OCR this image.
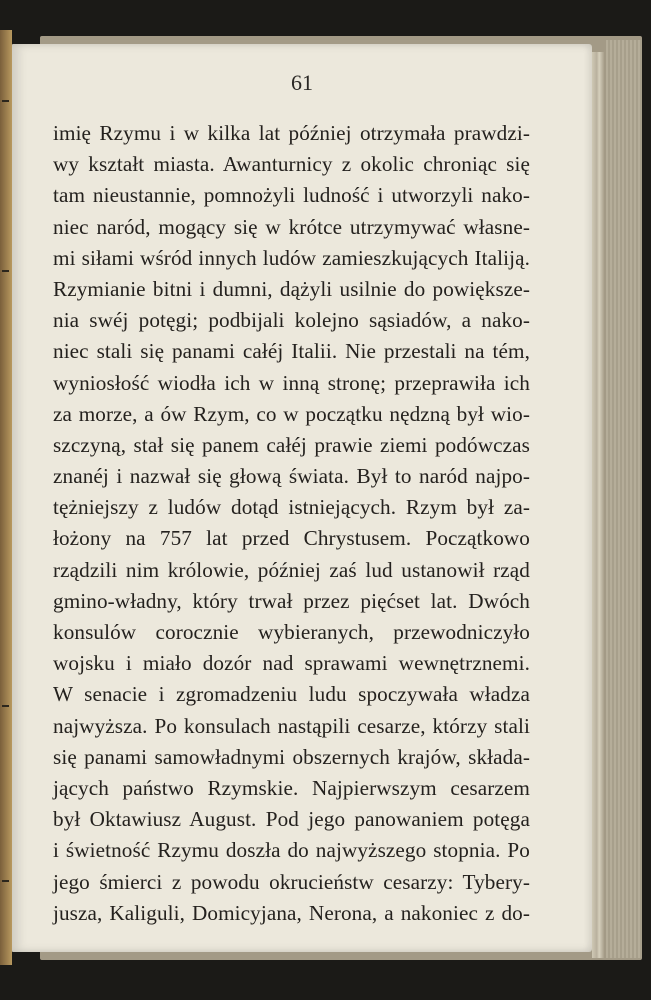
61
imię Rzymu i w kilka lat później otrzymała prawdzi-
wy kształt miasta. Awanturnicy z okolic chroniąc się
tam nieustannie, pomnożyli ludność i utworzyli nako-
niec naród, mogący się w krótce utrzymywać własne-
mi siłami wśród innych ludów zamieszkujących Italiją.
Rzymianie bitni i dumni, dążyli usilnie do powiększe-
nia swéj potęgi; podbijali kolejno sąsiadów, a nako-
niec stali się panami całéj Italii. Nie przestali na tém,
wyniosłość wiodła ich w inną stronę; przeprawiła ich
za morze, a ów Rzym, co w początku nędzną był wio-
szczyną, stał się panem całéj prawie ziemi podówczas
znanéj i nazwał się głową świata. Był to naród najpo-
tężniejszy z ludów dotąd istniejących. Rzym był za-
łożony na 757 lat przed Chrystusem. Początkowo
rządzili nim królowie, później zaś lud ustanowił rząd
gmino-władny, który trwał przez pięćset lat. Dwóch
konsulów corocznie wybieranych, przewodniczyło
wojsku i miało dozór nad sprawami wewnętrznemi.
W senacie i zgromadzeniu ludu spoczywała władza
najwyższa. Po konsulach nastąpili cesarze, którzy stali
się panami samowładnymi obszernych krajów, składa-
jących państwo Rzymskie. Najpierwszym cesarzem
był Oktawiusz August. Pod jego panowaniem potęga
i świetność Rzymu doszła do najwyższego stopnia. Po
jego śmierci z powodu okrucieństw cesarzy: Tybery-
jusza, Kaliguli, Domicyjana, Nerona, a nakoniec z do-
